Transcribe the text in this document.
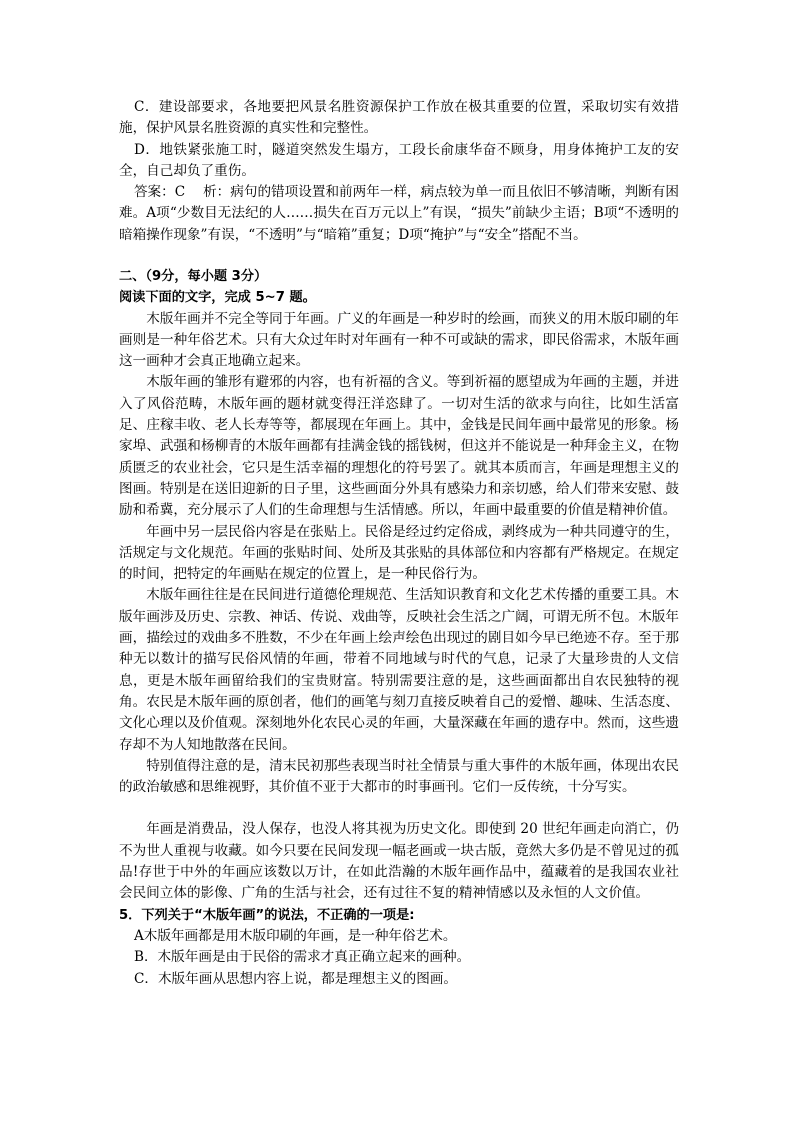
C．建设部要求，各地要把风景名胜资源保护工作放在极其重要的位置，采取切实有效措施，保护风景名胜资源的真实性和完整性。

D．地铁紧张施工时，隧道突然发生塌方，工段长俞康华奋不顾身，用身体掩护工友的安全，自己却负了重伤。

答案：C　 析：病句的错项设置和前两年一样，病点较为单一而且依旧不够清晰，判断有困难。A项“少数目无法纪的人……损失在百万元以上”有误，“损失”前缺少主语；B项“不透明的暗箱操作现象”有误，“不透明”与“暗箱”重复；D项“掩护”与“安全”搭配不当。

二、（9分，每小题 3分）

阅读下面的文字，完成 5~7 题。

木版年画并不完全等同于年画。广义的年画是一种岁时的绘画，而狭义的用木版印刷的年画则是一种年俗艺术。只有大众过年时对年画有一种不可或缺的需求，即民俗需求，木版年画这一画种才会真正地确立起来。

木版年画的雏形有避邪的内容，也有祈福的含义。等到祈福的愿望成为年画的主题，并进　 入了风俗范畴，木版年画的题材就变得汪洋恣肆了。一切对生活的欲求与向往，比如生活富足、庄稼丰收、老人长寿等等，都展现在年画上。其中，金钱是民间年画中最常见的形象。杨家埠、武强和杨柳青的木版年画都有挂满金钱的摇钱树，但这并不能说是一种拜金主义，在物质匮乏的农业社会，它只是生活幸福的理想化的符号罢了。就其本质而言，年画是理想主义的图画。特别是在送旧迎新的日子里，这些画面分外具有感染力和亲切感，给人们带来安慰、鼓励和希冀，充分展示了人们的生命理想与生活情感。所以，年画中最重要的价值是精神价值。

年画中另一层民俗内容是在张贴上。民俗是经过约定俗成，剥终成为一种共同遵守的生，活规定与文化规范。年画的张贴时间、处所及其张贴的具体部位和内容都有严格规定。在规定的时间，把特定的年画贴在规定的位置上，是一种民俗行为。

木版年画往往是在民间进行道德伦理规范、生活知识教育和文化艺术传播的重要工具。木版年画涉及历史、宗教、神话、传说、戏曲等，反映社会生活之广阔，可谓无所不包。木版年画，描绘过的戏曲多不胜数，不少在年画上绘声绘色出现过的剧目如今早已绝迹不存。至于那种无以数计的描写民俗风情的年画，带着不同地域与时代的气息，记录了大量珍贵的人文信息，更是木版年画留给我们的宝贵财富。特别需要注意的是，这些画面都出自农民独特的视角。农民是木版年画的原创者，他们的画笔与刻刀直接反映着自己的爱憎、趣味、生活态度、文化心理以及价值观。深刻地外化农民心灵的年画，大量深藏在年画的遗存中。然而，这些遗存却不为人知地散落在民间。

特别值得注意的是，清末民初那些表现当时社全情景与重大事件的木版年画，体现出农民的政治敏感和思维视野，其价值不亚于大都市的时事画刊。它们一反传统，十分写实。

年画是消费品，没人保存，也没人将其视为历史文化。即使到 20 世纪年画走向消亡，仍不为世人重视与收藏。如今只要在民间发现一幅老画或一块古版，竟然大多仍是不曾见过的孤品!存世于中外的年画应该数以万计，在如此浩瀚的木版年画作品中，蕴藏着的是我国农业社会民间立体的影像、广角的生活与社会，还有过往不复的精神情感以及永恒的人文价值。

5．下列关于“木版年画”的说法，不正确的一项是:

A木版年画都是用木版印刷的年画，是一种年俗艺术。

B．木版年画是由于民俗的需求才真正确立起来的画种。

C．木版年画从思想内容上说，都是理想主义的图画。
